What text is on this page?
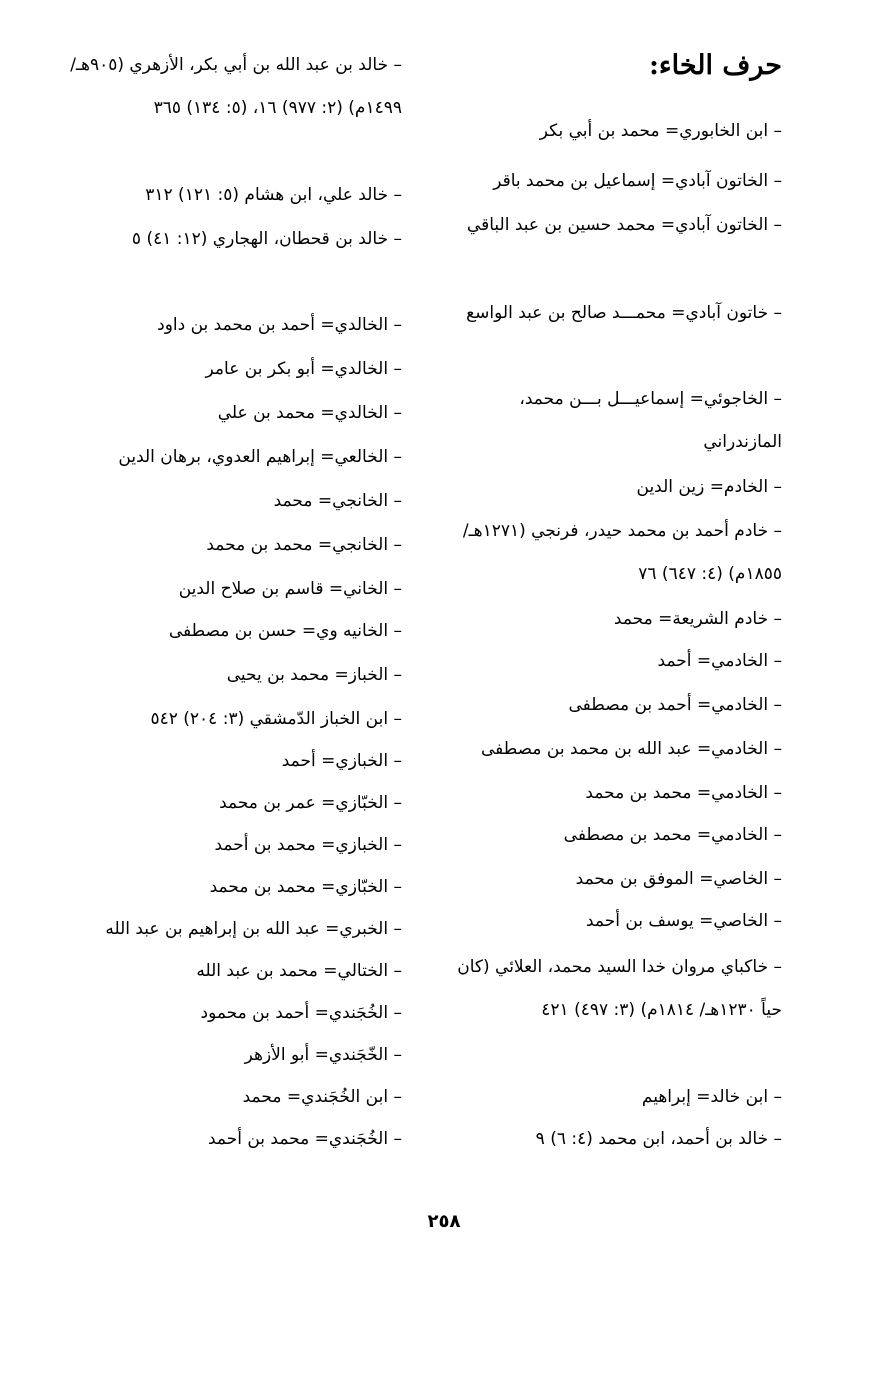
حرف الخاء:
– ابن الخابوري= محمد بن أبي بكر
– الخاتون آبادي= إسماعيل بن محمد باقر
– الخاتون آبادي= محمد حسين بن عبد الباقي
– خاتون آبادي= محمـــد صالح بن عبد الواسع
– الخاجوئي= إسماعيـــل بـــن محمد، المازندراني
– الخادم= زين الدين
– خادم أحمد بن محمد حيدر، فرنجي (١٢٧١هـ/ ١٨٥٥م) (٤: ٦٤٧) ٧٦
– خادم الشريعة= محمد
– الخادمي= أحمد
– الخادمي= أحمد بن مصطفى
– الخادمي= عبد الله بن محمد بن مصطفى
– الخادمي= محمد بن محمد
– الخادمي= محمد بن مصطفى
– الخاصي= الموفق بن محمد
– الخاصي= يوسف بن أحمد
– خاكباي مروان خدا السيد محمد، العلائي (كان حياً ١٢٣٠هـ/ ١٨١٤م) (٣: ٤٩٧) ٤٢١
– ابن خالد= إبراهيم
– خالد بن أحمد، ابن محمد (٤: ٦) ٩
– خالد بن عبد الله بن أبي بكر، الأزهري (٩٠٥هـ/ ١٤٩٩م) (٢: ٩٧٧) ١٦، (٥: ١٣٤) ٣٦٥
– خالد علي، ابن هشام (٥: ١٢١) ٣١٢
– خالد بن قحطان، الهجاري (١٢: ٤١) ٥
– الخالدي= أحمد بن محمد بن داود
– الخالدي= أبو بكر بن عامر
– الخالدي= محمد بن علي
– الخالعي= إبراهيم العدوي، برهان الدين
– الخانجي= محمد
– الخانجي= محمد بن محمد
– الخاني= قاسم بن صلاح الدين
– الخانيه وي= حسن بن مصطفى
– الخباز= محمد بن يحيى
– ابن الخباز الدّمشقي (٣: ٢٠٤) ٥٤٢
– الخبازي= أحمد
– الخبّازي= عمر بن محمد
– الخبازي= محمد بن أحمد
– الخبّازي= محمد بن محمد
– الخبري= عبد الله بن إبراهيم بن عبد الله
– الختالي= محمد بن عبد الله
– الخُجَندي= أحمد بن محمود
– الخّجَندي= أبو الأزهر
– ابن الخُجَندي= محمد
– الخُجَندي= محمد بن أحمد
٢٥٨
